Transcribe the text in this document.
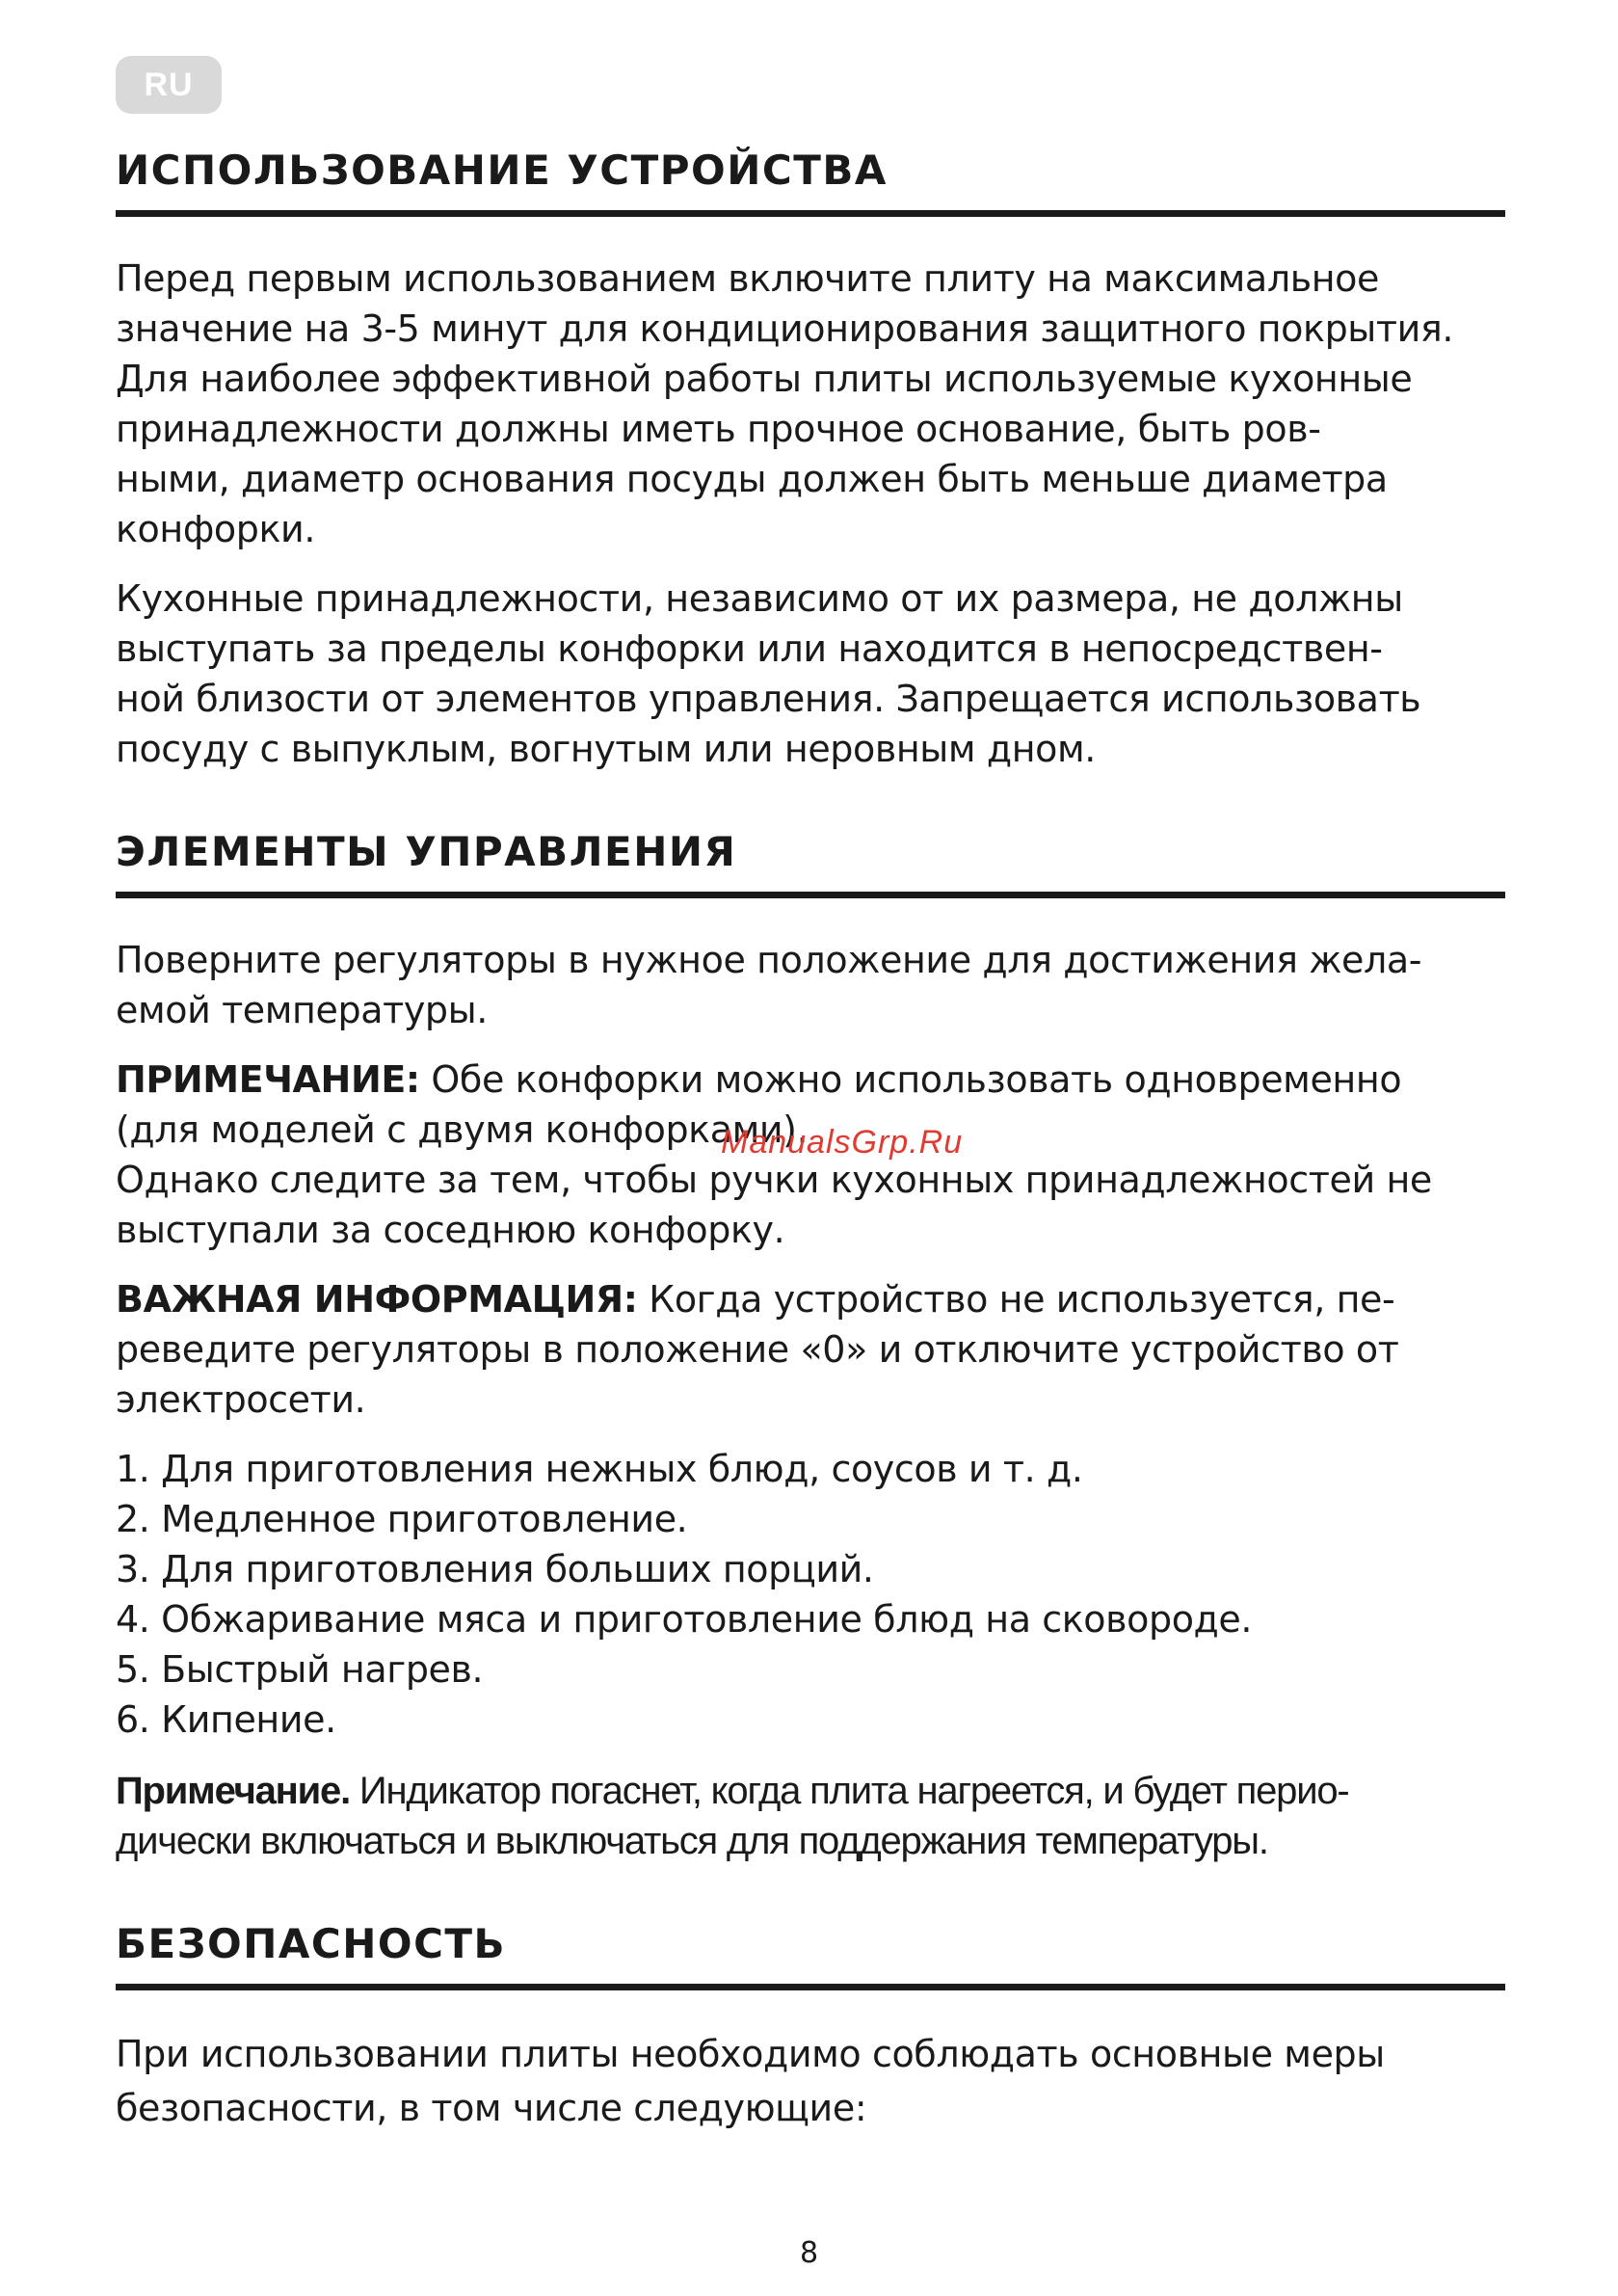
RU
ИСПОЛЬЗОВАНИЕ УСТРОЙСТВА

Перед первым использованием включите плиту на максимальное
значение на 3-5 минут для кондиционирования защитного покрытия.
Для наиболее эффективной работы плиты используемые кухонные
принадлежности должны иметь прочное основание, быть ров-
ными, диаметр основания посуды должен быть меньше диаметра
конфорки.

Кухонные принадлежности, независимо от их размера, не должны
выступать за пределы конфорки или находится в непосредствен-
ной близости от элементов управления. Запрещается использовать
посуду с выпуклым, вогнутым или неровным дном.

ЭЛЕМЕНТЫ УПРАВЛЕНИЯ

Поверните регуляторы в нужное положение для достижения жела-
емой температуры.

ПРИМЕЧАНИЕ: Обе конфорки можно использовать одновременно
(для моделей с двумя конфорками).
Однако следите за тем, чтобы ручки кухонных принадлежностей не
выступали за соседнюю конфорку.

ВАЖНАЯ ИНФОРМАЦИЯ: Когда устройство не используется, пе-
реведите регуляторы в положение «0» и отключите устройство от
электросети.

1. Для приготовления нежных блюд, соусов и т. д.
2. Медленное приготовление.
3. Для приготовления больших порций.
4. Обжаривание мяса и приготовление блюд на сковороде.
5. Быстрый нагрев.
6. Кипение.

Примечание. Индикатор погаснет, когда плита нагреется, и будет перио-
дически включаться и выключаться для поддержания температуры.

БЕЗОПАСНОСТЬ

При использовании плиты необходимо соблюдать основные меры
безопасности, в том числе следующие:

ManualsGrp.Ru
8
